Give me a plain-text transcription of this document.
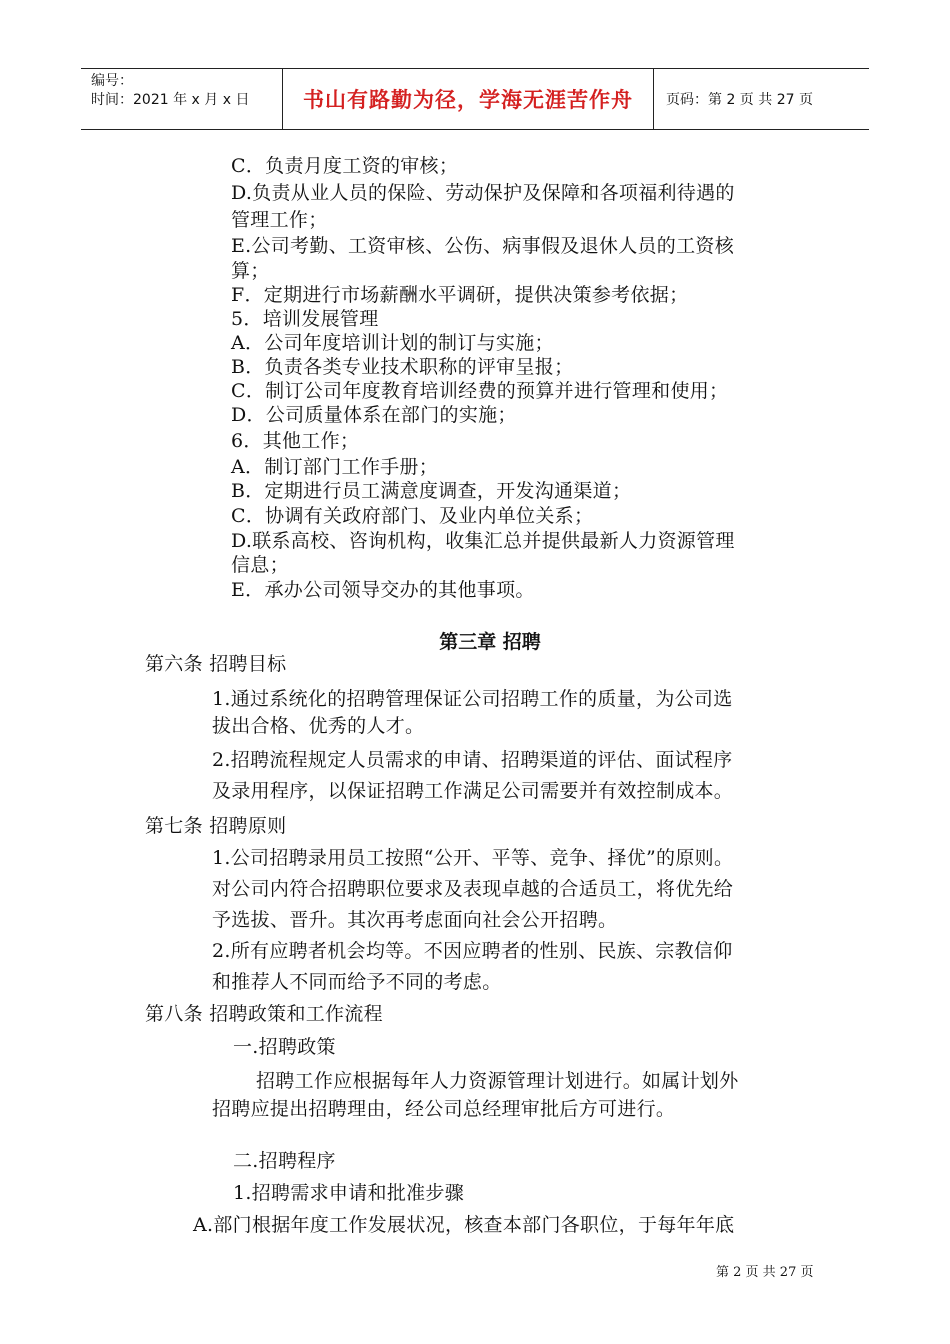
编号：
时间：2021 年 x 月 x 日	书山有路勤为径，学海无涯苦作舟	页码：第 2 页 共 27 页
C．负责月度工资的审核；
D.负责从业人员的保险、劳动保护及保障和各项福利待遇的
管理工作；
E.公司考勤、工资审核、公伤、病事假及退休人员的工资核
算；
F．定期进行市场薪酬水平调研，提供决策参考依据；
5．培训发展管理
A．公司年度培训计划的制订与实施；
B．负责各类专业技术职称的评审呈报；
C．制订公司年度教育培训经费的预算并进行管理和使用；
D．公司质量体系在部门的实施；
6．其他工作；
A．制订部门工作手册；
B．定期进行员工满意度调查，开发沟通渠道；
C．协调有关政府部门、及业内单位关系；
D.联系高校、咨询机构，收集汇总并提供最新人力资源管理
信息；
E．承办公司领导交办的其他事项。
第三章 招聘
第六条 招聘目标
1.通过系统化的招聘管理保证公司招聘工作的质量，为公司选
拔出合格、优秀的人才。
2.招聘流程规定人员需求的申请、招聘渠道的评估、面试程序
及录用程序，以保证招聘工作满足公司需要并有效控制成本。
第七条 招聘原则
1.公司招聘录用员工按照“公开、平等、竞争、择优”的原则。
对公司内符合招聘职位要求及表现卓越的合适员工，将优先给
予选拔、晋升。其次再考虑面向社会公开招聘。
2.所有应聘者机会均等。不因应聘者的性别、民族、宗教信仰
和推荐人不同而给予不同的考虑。
第八条 招聘政策和工作流程
一.招聘政策
招聘工作应根据每年人力资源管理计划进行。如属计划外
招聘应提出招聘理由，经公司总经理审批后方可进行。
二.招聘程序
1.招聘需求申请和批准步骤
A.部门根据年度工作发展状况，核查本部门各职位，于每年年底
第 2 页 共 27 页
